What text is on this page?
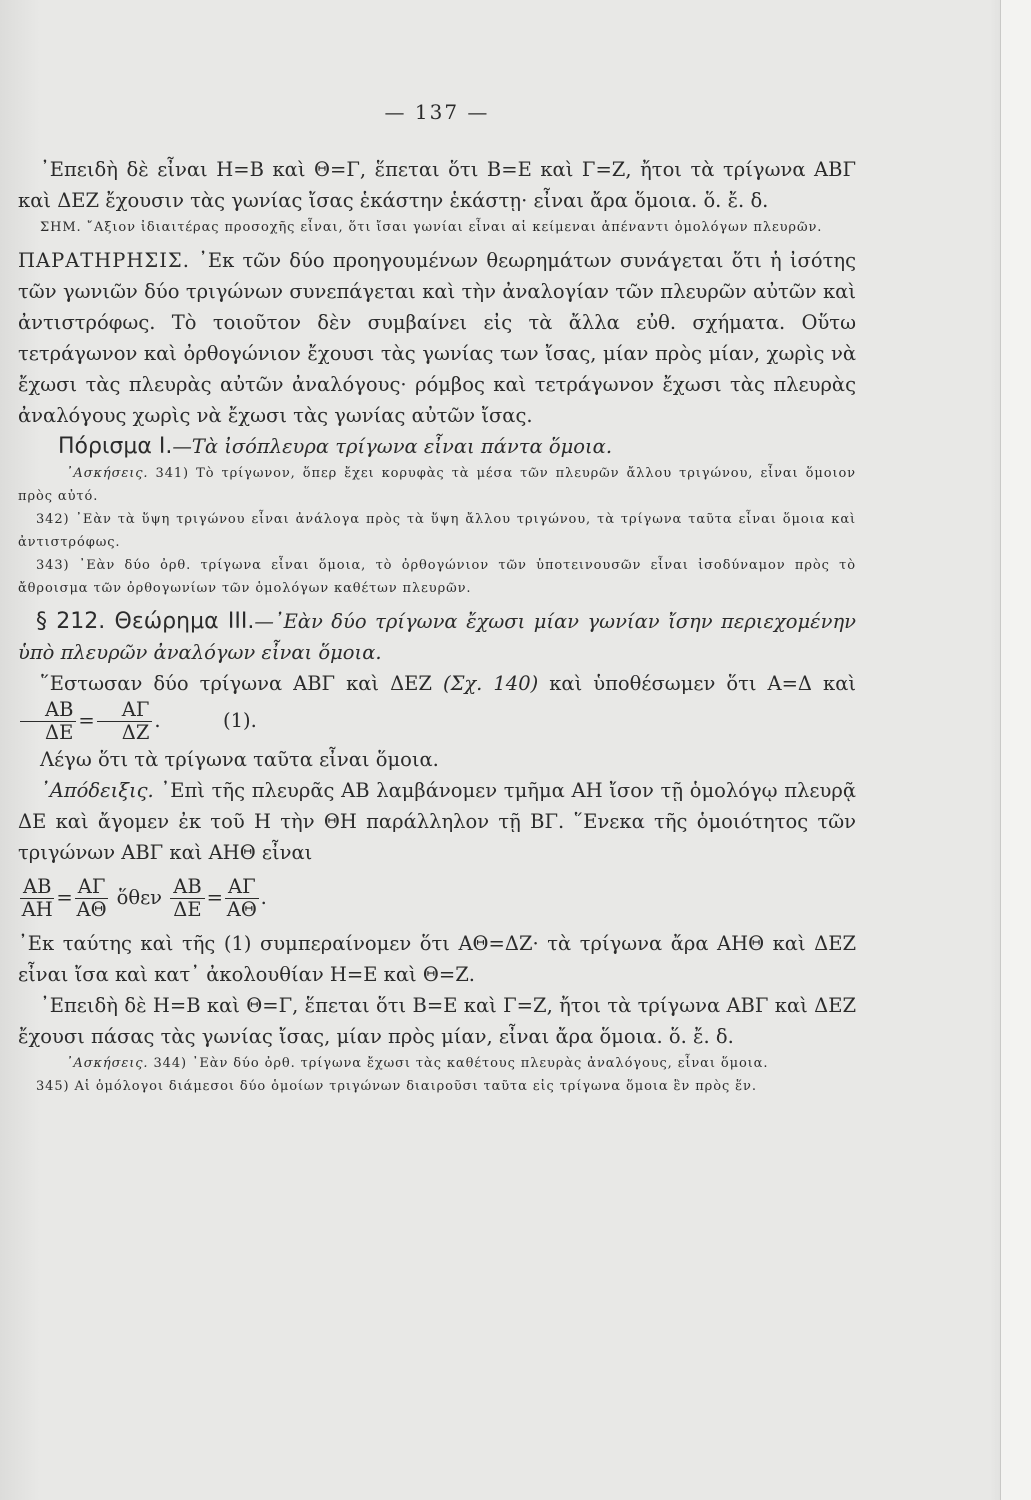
— 137 —

᾿Επειδὴ δὲ εἶναι Η=Β καὶ Θ=Γ, ἕπεται ὅτι Β=Ε καὶ Γ=Ζ, ἤτοι τὰ τρίγωνα ΑΒΓ καὶ ΔΕΖ ἔχουσιν τὰς γωνίας ἴσας ἑκάστην ἑκάστῃ· εἶναι ἄρα ὅμοια. ὅ. ἔ. δ.

ΣΗΜ. ῎Αξιον ἰδιαιτέρας προσοχῆς εἶναι, ὅτι ἴσαι γωνίαι εἶναι αἱ κείμεναι ἀπέναντι ὁμολόγων πλευρῶν.

ΠΑΡΑΤΗΡΗΣΙΣ. ᾿Εκ τῶν δύο προηγουμένων θεωρημάτων συνάγεται ὅτι ἡ ἰσότης τῶν γωνιῶν δύο τριγώνων συνεπάγεται καὶ τὴν ἀναλογίαν τῶν πλευρῶν αὐτῶν καὶ ἀντιστρόφως. Τὸ τοιοῦτον δὲν συμβαίνει εἰς τὰ ἄλλα εὐθ. σχήματα. Οὕτω τετράγωνον καὶ ὀρθογώνιον ἔχουσι τὰς γωνίας των ἴσας, μίαν πρὸς μίαν, χωρὶς νὰ ἔχωσι τὰς πλευρὰς αὐτῶν ἀναλόγους· ρόμβος καὶ τετράγωνον ἔχωσι τὰς πλευρὰς ἀναλόγους χωρὶς νὰ ἔχωσι τὰς γωνίας αὐτῶν ἴσας.

Πόρισμα Ι.—Τὰ ἰσόπλευρα τρίγωνα εἶναι πάντα ὅμοια.

᾿Ασκήσεις. 341) Τὸ τρίγωνον, ὅπερ ἔχει κορυφὰς τὰ μέσα τῶν πλευρῶν ἄλλου τριγώνου, εἶναι ὅμοιον πρὸς αὐτό.

342) ᾿Εὰν τὰ ὕψη τριγώνου εἶναι ἀνάλογα πρὸς τὰ ὕψη ἄλλου τριγώνου, τὰ τρίγωνα ταῦτα εἶναι ὅμοια καὶ ἀντιστρόφως.

343) ᾿Εὰν δύο ὀρθ. τρίγωνα εἶναι ὅμοια, τὸ ὀρθογώνιον τῶν ὑποτεινουσῶν εἶναι ἰσοδύναμον πρὸς τὸ ἄθροισμα τῶν ὀρθογωνίων τῶν ὁμολόγων καθέτων πλευρῶν.

§ 212. Θεώρημα ΙΙΙ.—᾿Εὰν δύο τρίγωνα ἔχωσι μίαν γωνίαν ἴσην περιεχομένην ὑπὸ πλευρῶν ἀναλόγων εἶναι ὅμοια.

῞Εστωσαν δύο τρίγωνα ΑΒΓ καὶ ΔΕΖ (Σχ. 140) καὶ ὑποθέσωμεν ὅτι Α=Δ καὶ
$\frac{AB}{\Delta E} = \frac{A\Gamma}{\Delta Z}$ .	(1).

Λέγω ὅτι τὰ τρίγωνα ταῦτα εἶναι ὅμοια.

᾿Απόδειξις. ᾿Επὶ τῆς πλευρᾶς ΑΒ λαμβάνομεν τμῆμα ΑΗ ἴσον τῇ ὁμολόγῳ πλευρᾷ ΔΕ καὶ ἄγομεν ἐκ τοῦ Η τὴν ΘΗ παράλληλον τῇ ΒΓ. ῞Ενεκα τῆς ὁμοιότητος τῶν τριγώνων ΑΒΓ καὶ ΑΗΘ εἶναι

$\frac{AB}{AH} = \frac{A\Gamma}{A\Theta}$ ὅθεν $\frac{AB}{\Delta E} = \frac{A\Gamma}{A\Theta}$ .

᾿Εκ ταύτης καὶ τῆς (1) συμπεραίνομεν ὅτι ΑΘ=ΔΖ· τὰ τρίγωνα ἄρα ΑΗΘ καὶ ΔΕΖ εἶναι ἴσα καὶ κατ᾿ ἀκολουθίαν Η=Ε καὶ Θ=Ζ.

᾿Επειδὴ δὲ Η=Β καὶ Θ=Γ, ἕπεται ὅτι Β=Ε καὶ Γ=Ζ, ἤτοι τὰ τρίγωνα ΑΒΓ καὶ ΔΕΖ ἔχουσι πάσας τὰς γωνίας ἴσας, μίαν πρὸς μίαν, εἶναι ἄρα ὅμοια. ὅ. ἔ. δ.

᾿Ασκήσεις. 344) ᾿Εὰν δύο ὀρθ. τρίγωνα ἔχωσι τὰς καθέτους πλευρὰς ἀναλόγους, εἶναι ὅμοια.

345) Αἱ ὁμόλογοι διάμεσοι δύο ὁμοίων τριγώνων διαιροῦσι ταῦτα εἰς τρίγωνα ὅμοια ἓν πρὸς ἕν.
